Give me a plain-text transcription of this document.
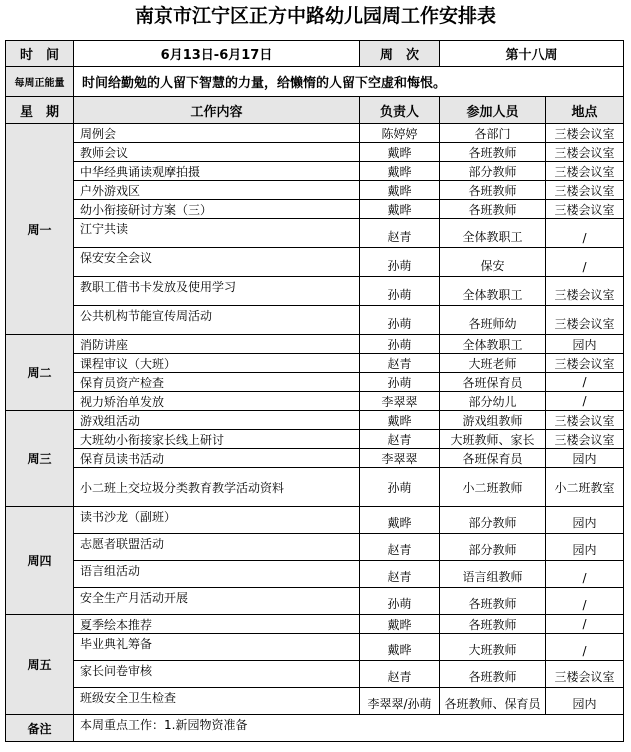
南京市江宁区正方中路幼儿园周工作安排表
时　间	6月13日-6月17日	周　次	第十八周	
每周正能量	时间给勤勉的人留下智慧的力量，给懒惰的人留下空虚和悔恨。			
星　期	工作内容	负责人	参加人员	地点
周一	周例会	陈婷婷	各部门	三楼会议室
	教师会议	戴晔	各班教师	三楼会议室
	中华经典诵读观摩拍摄	戴晔	部分教师	三楼会议室
	户外游戏区	戴晔	各班教师	三楼会议室
	幼小衔接研讨方案（三）	戴晔	各班教师	三楼会议室
	江宁共读	赵青	全体教职工	/
	保安安全会议	孙萌	保安	/
	教职工借书卡发放及使用学习	孙萌	全体教职工	三楼会议室
	公共机构节能宣传周活动	孙萌	各班师幼	三楼会议室
周二	消防讲座	孙萌	全体教职工	园内
	课程审议（大班）	赵青	大班老师	三楼会议室
	保育员资产检查	孙萌	各班保育员	/
	视力矫治单发放	李翠翠	部分幼儿	/
周三	游戏组活动	戴晔	游戏组教师	三楼会议室
	大班幼小衔接家长线上研讨	赵青	大班教师、家长	三楼会议室
	保育员读书活动	李翠翠	各班保育员	园内
	小二班上交垃圾分类教育教学活动资料	孙萌	小二班教师	小二班教室
周四	读书沙龙（副班）	戴晔	部分教师	园内
	志愿者联盟活动	赵青	部分教师	园内
	语言组活动	赵青	语言组教师	/
	安全生产月活动开展	孙萌	各班教师	/
周五	夏季绘本推荐	戴晔	各班教师	/
	毕业典礼筹备	戴晔	大班教师	/
	家长问卷审核	赵青	各班教师	三楼会议室
	班级安全卫生检查	李翠翠/孙萌	各班教师、保育员	园内
备注	本周重点工作：1.新园物资准备			
